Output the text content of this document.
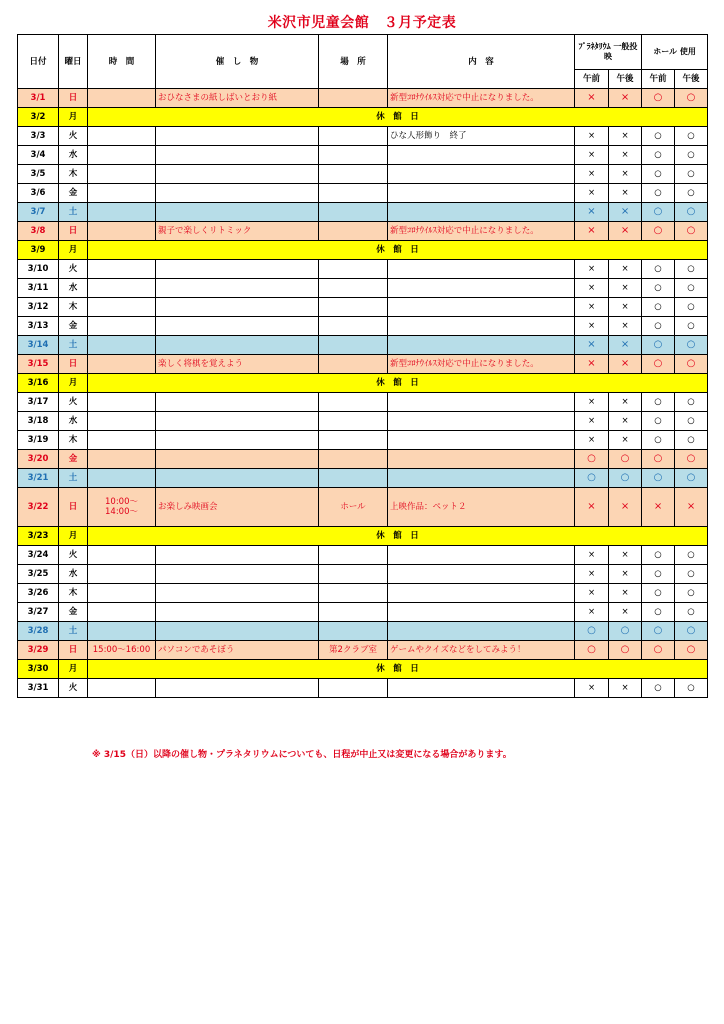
米沢市児童会館　３月予定表
日付	曜日	時　間	催　し　物	場　所	内　容	ﾌﾟﾗﾈﾀﾘｳﾑ 一般投映		ホール 使用	
						午前	午後	午前	午後
3/1	日		おひなさまの紙しばいとおり紙		新型ｺﾛﾅｳｲﾙｽ対応で中止になりました。	×	×	○	○
3/2	月	休　館　日							
3/3	火				ひな人形飾り　終了	×	×	○	○
3/4	水					×	×	○	○
3/5	木					×	×	○	○
3/6	金					×	×	○	○
3/7	土					×	×	○	○
3/8	日		親子で楽しくリトミック		新型ｺﾛﾅｳｲﾙｽ対応で中止になりました。	×	×	○	○
3/9	月	休　館　日							
3/10	火					×	×	○	○
3/11	水					×	×	○	○
3/12	木					×	×	○	○
3/13	金					×	×	○	○
3/14	土					×	×	○	○
3/15	日		楽しく将棋を覚えよう		新型ｺﾛﾅｳｲﾙｽ対応で中止になりました。	×	×	○	○
3/16	月	休　館　日							
3/17	火					×	×	○	○
3/18	水					×	×	○	○
3/19	木					×	×	○	○
3/20	金					○	○	○	○
3/21	土					○	○	○	○
3/22	日	10:00～
14:00～	お楽しみ映画会	ホール	上映作品：ペット２	×	×	×	×
3/23	月	休　館　日							
3/24	火					×	×	○	○
3/25	水					×	×	○	○
3/26	木					×	×	○	○
3/27	金					×	×	○	○
3/28	土					○	○	○	○
3/29	日	15:00～16:00	パソコンであそぼう	第2クラブ室	ゲームやクイズなどをしてみよう！	○	○	○	○
3/30	月	休　館　日							
3/31	火					×	×	○	○
※ 3/15（日）以降の催し物・プラネタリウムについても、日程が中止又は変更になる場合があります。
